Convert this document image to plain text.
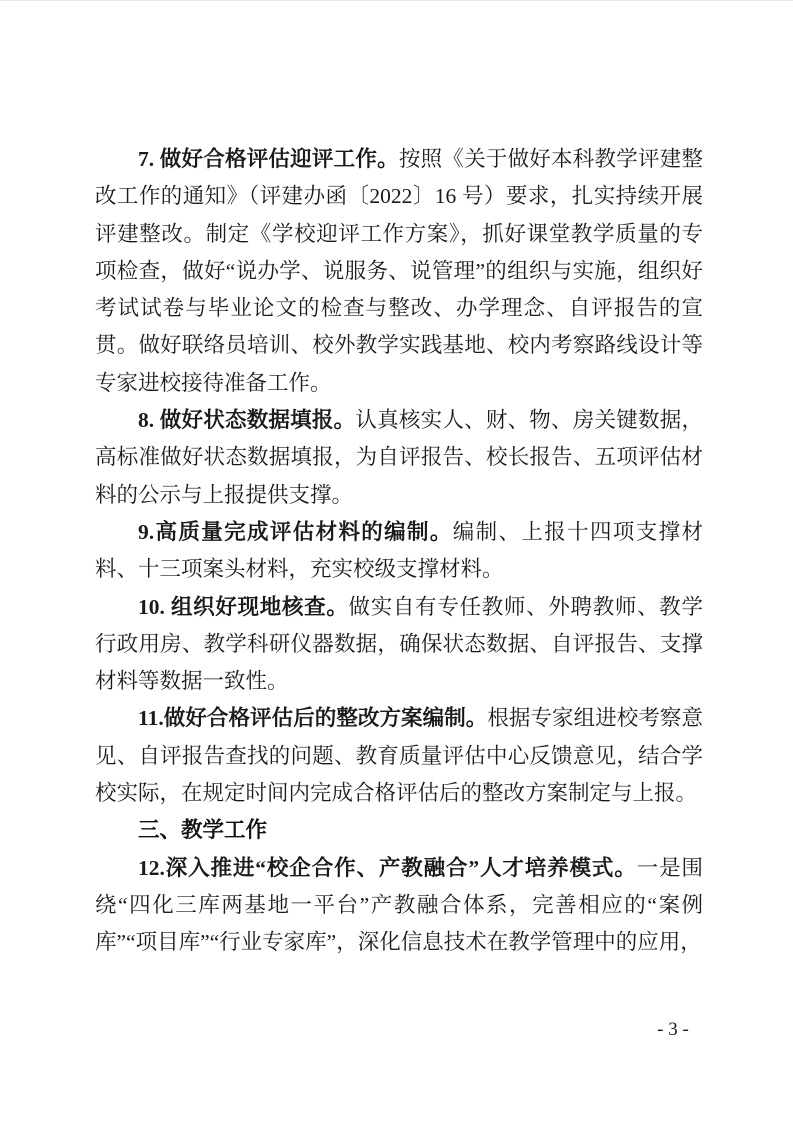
7. 做好合格评估迎评工作。按照《关于做好本科教学评建整改工作的通知》（评建办函〔2022〕16 号）要求，扎实持续开展评建整改。制定《学校迎评工作方案》，抓好课堂教学质量的专项检查，做好“说办学、说服务、说管理”的组织与实施，组织好考试试卷与毕业论文的检查与整改、办学理念、自评报告的宣贯。做好联络员培训、校外教学实践基地、校内考察路线设计等专家进校接待准备工作。

8. 做好状态数据填报。认真核实人、财、物、房关键数据，高标准做好状态数据填报，为自评报告、校长报告、五项评估材料的公示与上报提供支撑。

9.高质量完成评估材料的编制。编制、上报十四项支撑材料、十三项案头材料，充实校级支撑材料。

10. 组织好现地核查。做实自有专任教师、外聘教师、教学行政用房、教学科研仪器数据，确保状态数据、自评报告、支撑材料等数据一致性。

11.做好合格评估后的整改方案编制。根据专家组进校考察意见、自评报告查找的问题、教育质量评估中心反馈意见，结合学校实际，在规定时间内完成合格评估后的整改方案制定与上报。

三、教学工作

12.深入推进“校企合作、产教融合”人才培养模式。一是围绕“四化三库两基地一平台”产教融合体系，完善相应的“案例库”“项目库”“行业专家库”，深化信息技术在教学管理中的应用，

- 3 -
